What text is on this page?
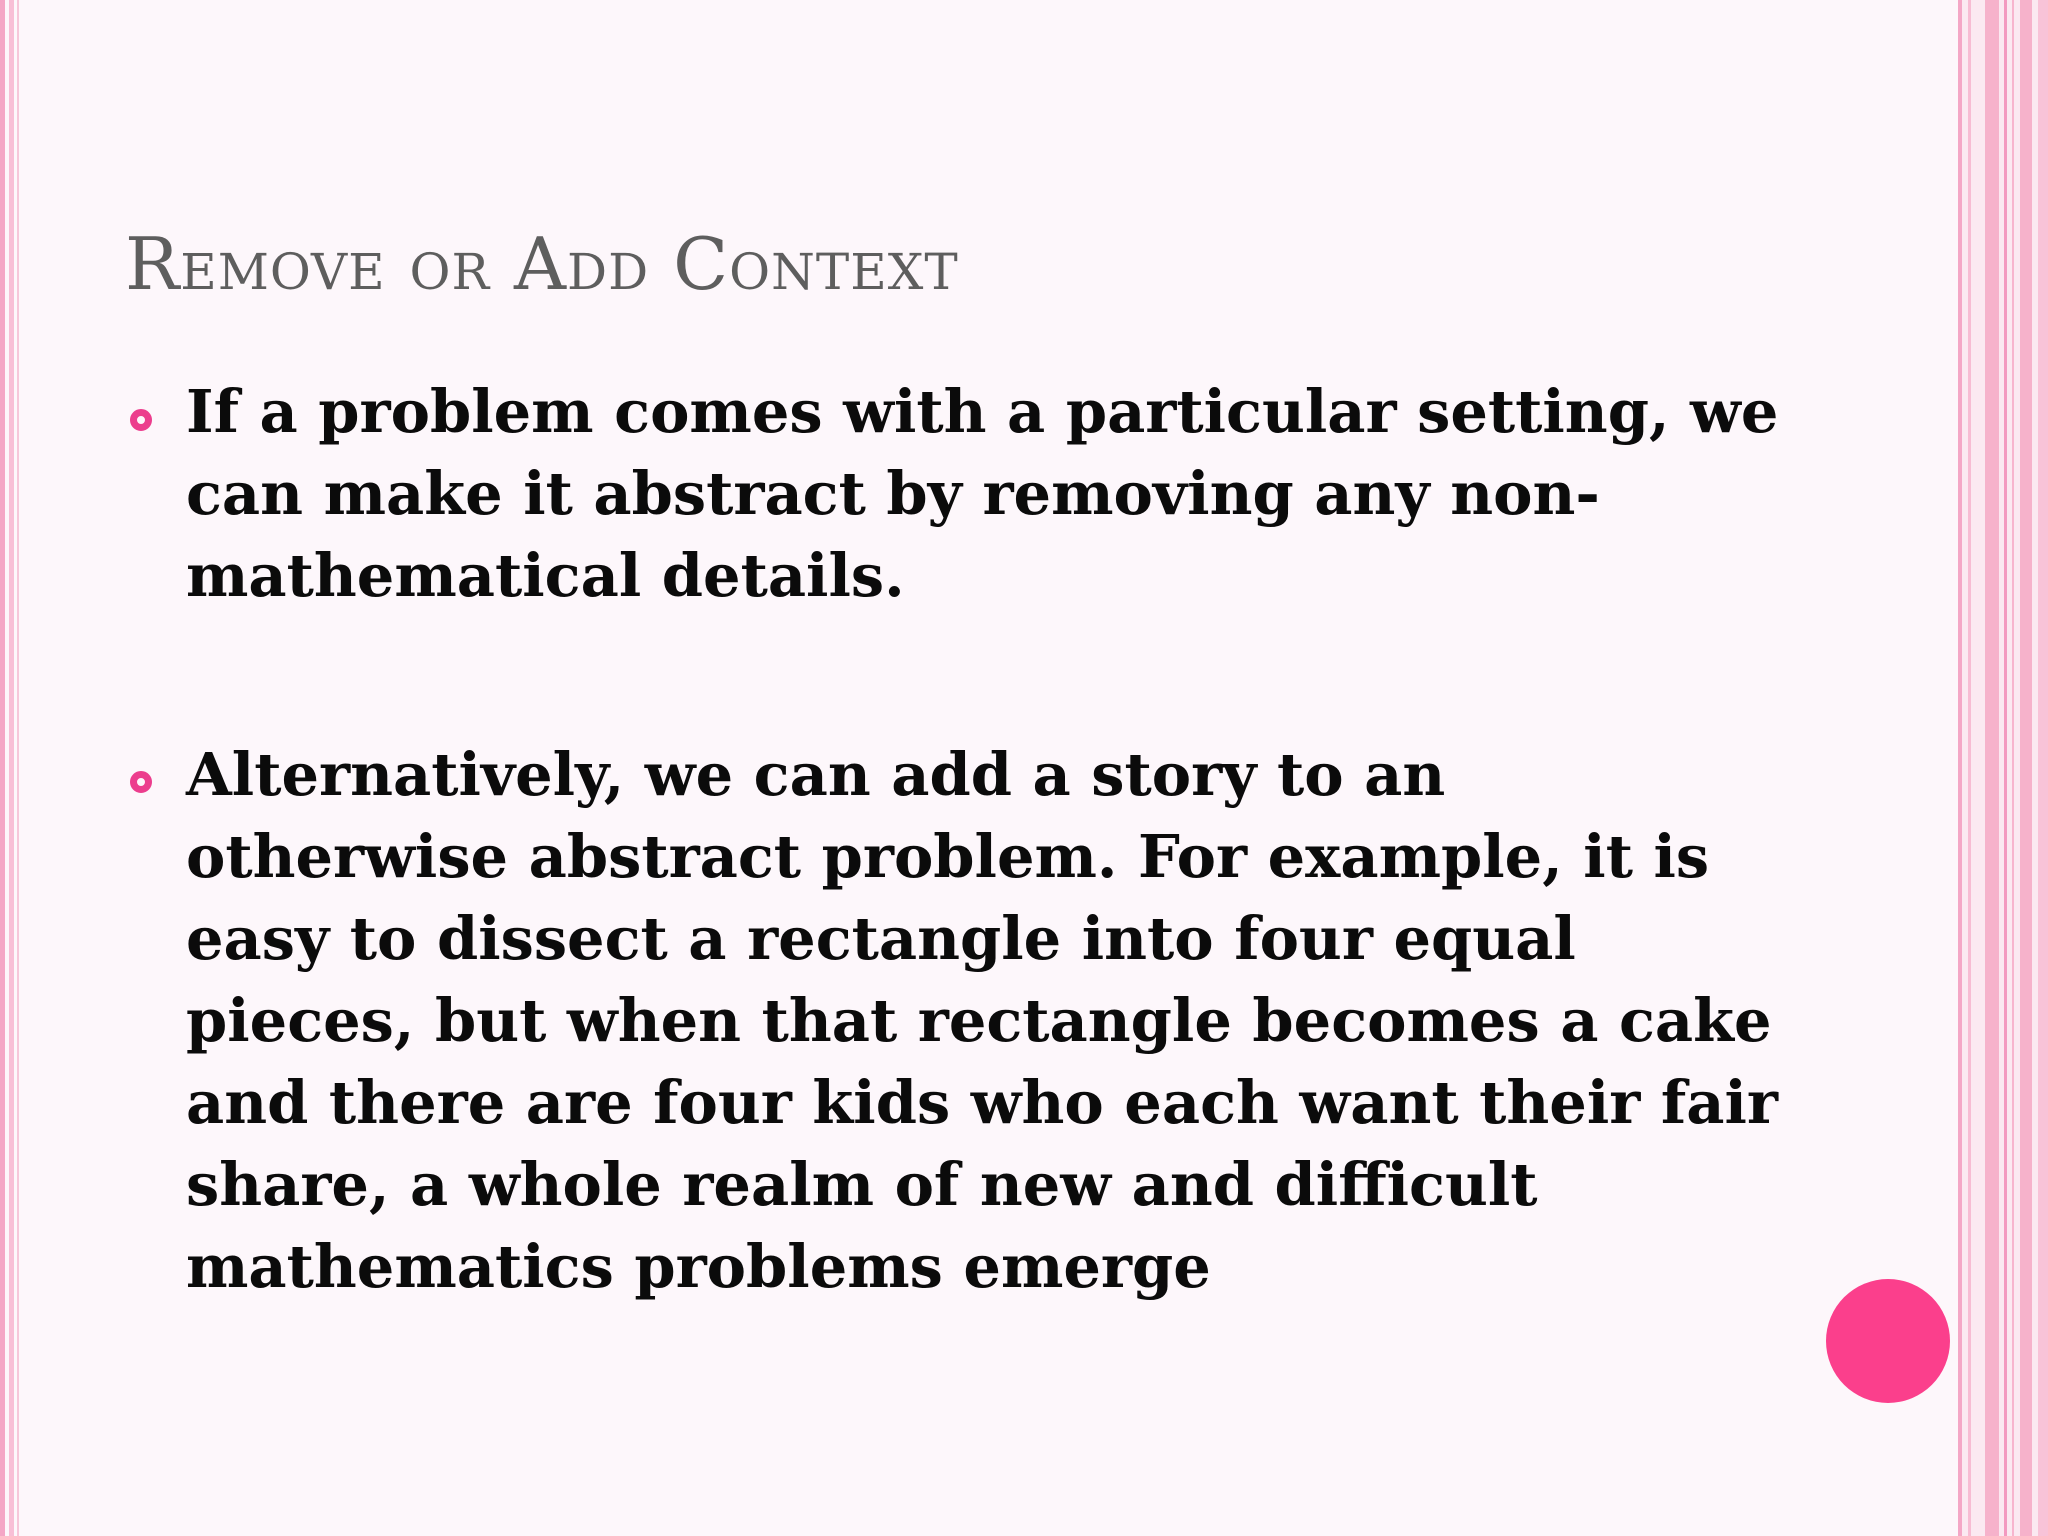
Remove or Add Context
If a problem comes with a particular setting, we can make it abstract by removing any non-mathematical details.
Alternatively, we can add a story to an otherwise abstract problem. For example, it is easy to dissect a rectangle into four equal pieces, but when that rectangle becomes a cake and there are four kids who each want their fair share, a whole realm of new and difficult mathematics problems emerge
